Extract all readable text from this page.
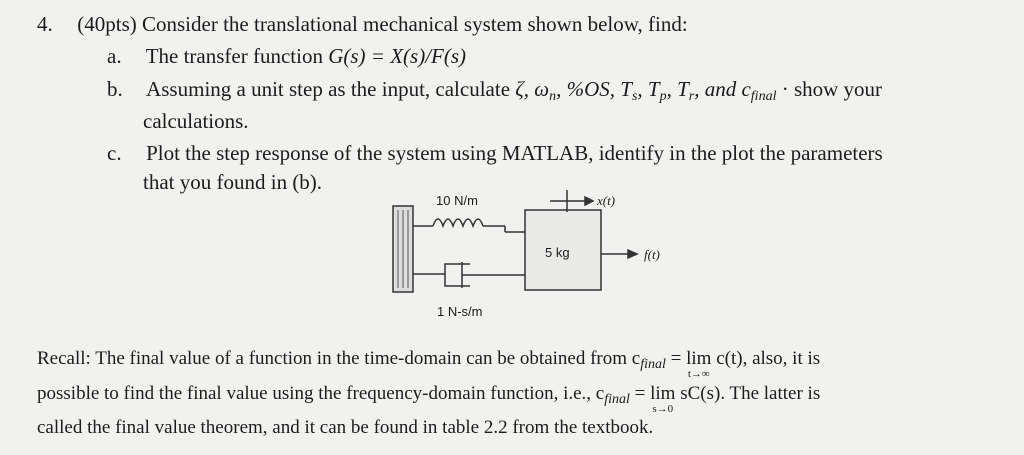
4. (40pts) Consider the translational mechanical system shown below, find:
a. The transfer function G(s) = X(s)/F(s)
b. Assuming a unit step as the input, calculate ζ, $\omega_n$, %OS, $T_s$, $T_p$, $T_r$, and $c_{final}$ · show your
calculations.
c. Plot the step response of the system using MATLAB, identify in the plot the parameters
that you found in (b).
10 N/m
5 kg
1 N-s/m
x(t)
f(t)
Recall: The final value of a function in the time-domain can be obtained from $c_{final} = \lim$
t→∞
c(t), also, it is
possible to find the final value using the frequency-domain function, i.e., $c_{final} = \lim$
s→0
sC(s). The latter is
called the final value theorem, and it can be found in table 2.2 from the textbook.
